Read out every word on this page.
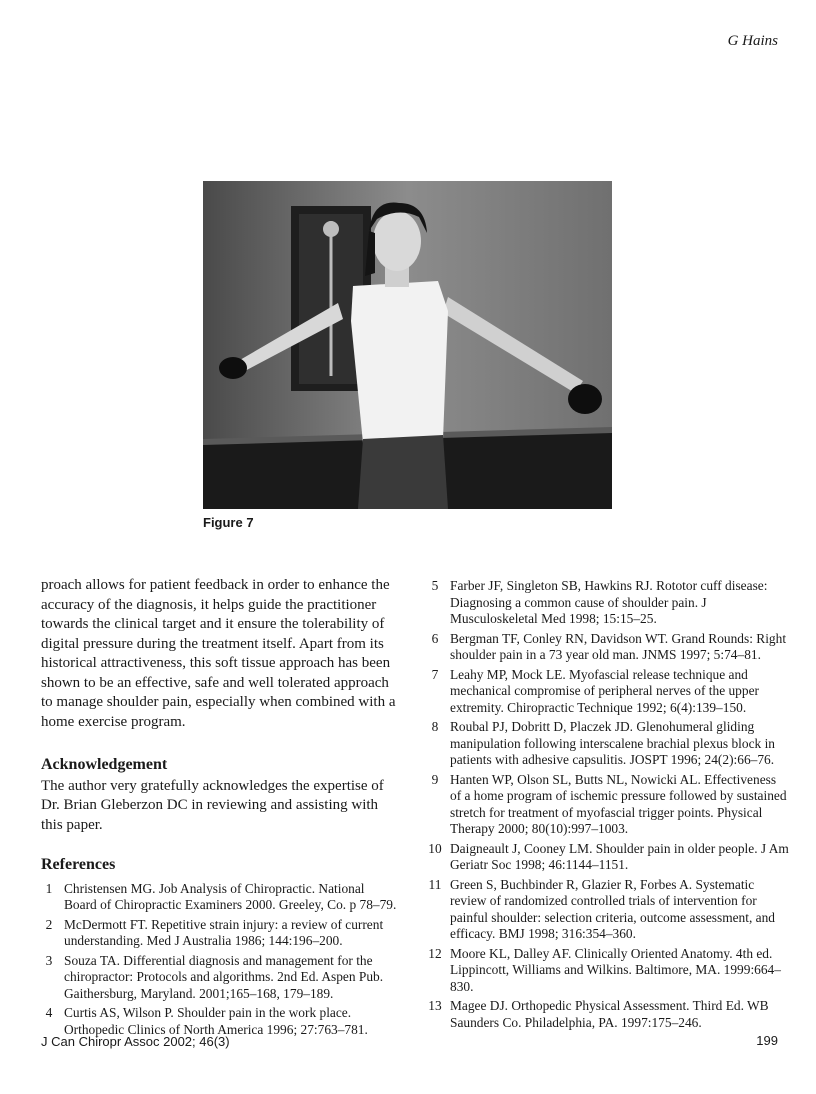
G Hains
Figure 7

proach allows for patient feedback in order to enhance the accuracy of the diagnosis, it helps guide the practitioner towards the clinical target and it ensure the tolerability of digital pressure during the treatment itself. Apart from its historical attractiveness, this soft tissue approach has been shown to be an effective, safe and well tolerated approach to manage shoulder pain, especially when combined with a home exercise program.

Acknowledgement

The author very gratefully acknowledges the expertise of Dr. Brian Gleberzon DC in reviewing and assisting with this paper.

References
1 Christensen MG. Job Analysis of Chiropractic. National Board of Chiropractic Examiners 2000. Greeley, Co. p 78–79.
2 McDermott FT. Repetitive strain injury: a review of current understanding. Med J Australia 1986; 144:196–200.
3 Souza TA. Differential diagnosis and management for the chiropractor: Protocols and algorithms. 2nd Ed. Aspen Pub. Gaithersburg, Maryland. 2001;165–168, 179–189.
4 Curtis AS, Wilson P. Shoulder pain in the work place. Orthopedic Clinics of North America 1996; 27:763–781.
5 Farber JF, Singleton SB, Hawkins RJ. Rototor cuff disease: Diagnosing a common cause of shoulder pain. J Musculoskeletal Med 1998; 15:15–25.
6 Bergman TF, Conley RN, Davidson WT. Grand Rounds: Right shoulder pain in a 73 year old man. JNMS 1997; 5:74–81.
7 Leahy MP, Mock LE. Myofascial release technique and mechanical compromise of peripheral nerves of the upper extremity. Chiropractic Technique 1992; 6(4):139–150.
8 Roubal PJ, Dobritt D, Placzek JD. Glenohumeral gliding manipulation following interscalene brachial plexus block in patients with adhesive capsulitis. JOSPT 1996; 24(2):66–76.
9 Hanten WP, Olson SL, Butts NL, Nowicki AL. Effectiveness of a home program of ischemic pressure followed by sustained stretch for treatment of myofascial trigger points. Physical Therapy 2000; 80(10):997–1003.
10 Daigneault J, Cooney LM. Shoulder pain in older people. J Am Geriatr Soc 1998; 46:1144–1151.
11 Green S, Buchbinder R, Glazier R, Forbes A. Systematic review of randomized controlled trials of intervention for painful shoulder: selection criteria, outcome assessment, and efficacy. BMJ 1998; 316:354–360.
12 Moore KL, Dalley AF. Clinically Oriented Anatomy. 4th ed. Lippincott, Williams and Wilkins. Baltimore, MA. 1999:664–830.
13 Magee DJ. Orthopedic Physical Assessment. Third Ed. WB Saunders Co. Philadelphia, PA. 1997:175–246.
J Can Chiropr Assoc 2002; 46(3)	199
